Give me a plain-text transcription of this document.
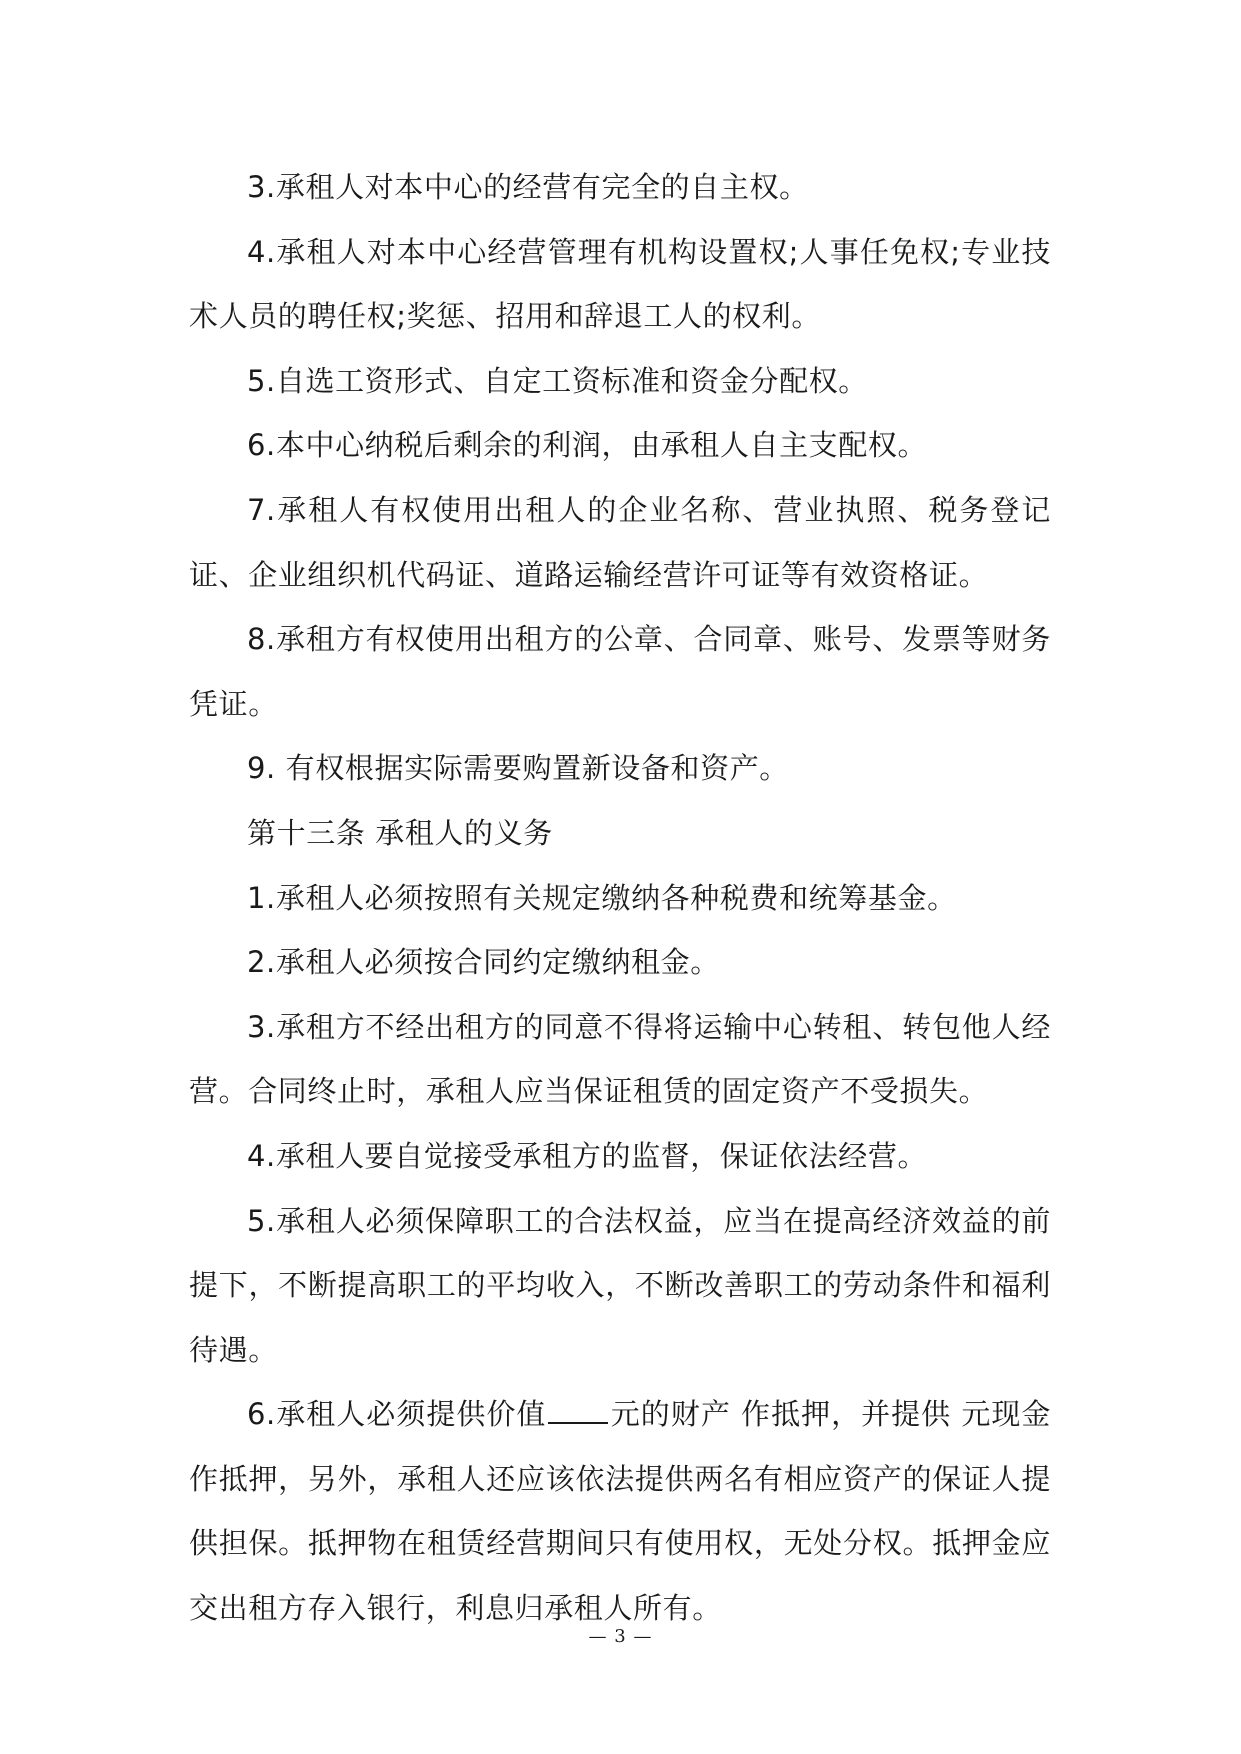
3.承租人对本中心的经营有完全的自主权。

4.承租人对本中心经营管理有机构设置权;人事任免权;专业技术人员的聘任权;奖惩、招用和辞退工人的权利。

5.自选工资形式、自定工资标准和资金分配权。

6.本中心纳税后剩余的利润，由承租人自主支配权。

7.承租人有权使用出租人的企业名称、营业执照、税务登记证、企业组织机代码证、道路运输经营许可证等有效资格证。

8.承租方有权使用出租方的公章、合同章、账号、发票等财务凭证。

9. 有权根据实际需要购置新设备和资产。

第十三条 承租人的义务

1.承租人必须按照有关规定缴纳各种税费和统筹基金。

2.承租人必须按合同约定缴纳租金。

3.承租方不经出租方的同意不得将运输中心转租、转包他人经营。合同终止时，承租人应当保证租赁的固定资产不受损失。

4.承租人要自觉接受承租方的监督，保证依法经营。

5.承租人必须保障职工的合法权益，应当在提高经济效益的前提下，不断提高职工的平均收入，不断改善职工的劳动条件和福利待遇。

6.承租人必须提供价值 元的财产 作抵押，并提供 元现金作抵押，另外，承租人还应该依法提供两名有相应资产的保证人提供担保。抵押物在租赁经营期间只有使用权，无处分权。抵押金应交出租方存入银行，利息归承租人所有。

— 3 —
